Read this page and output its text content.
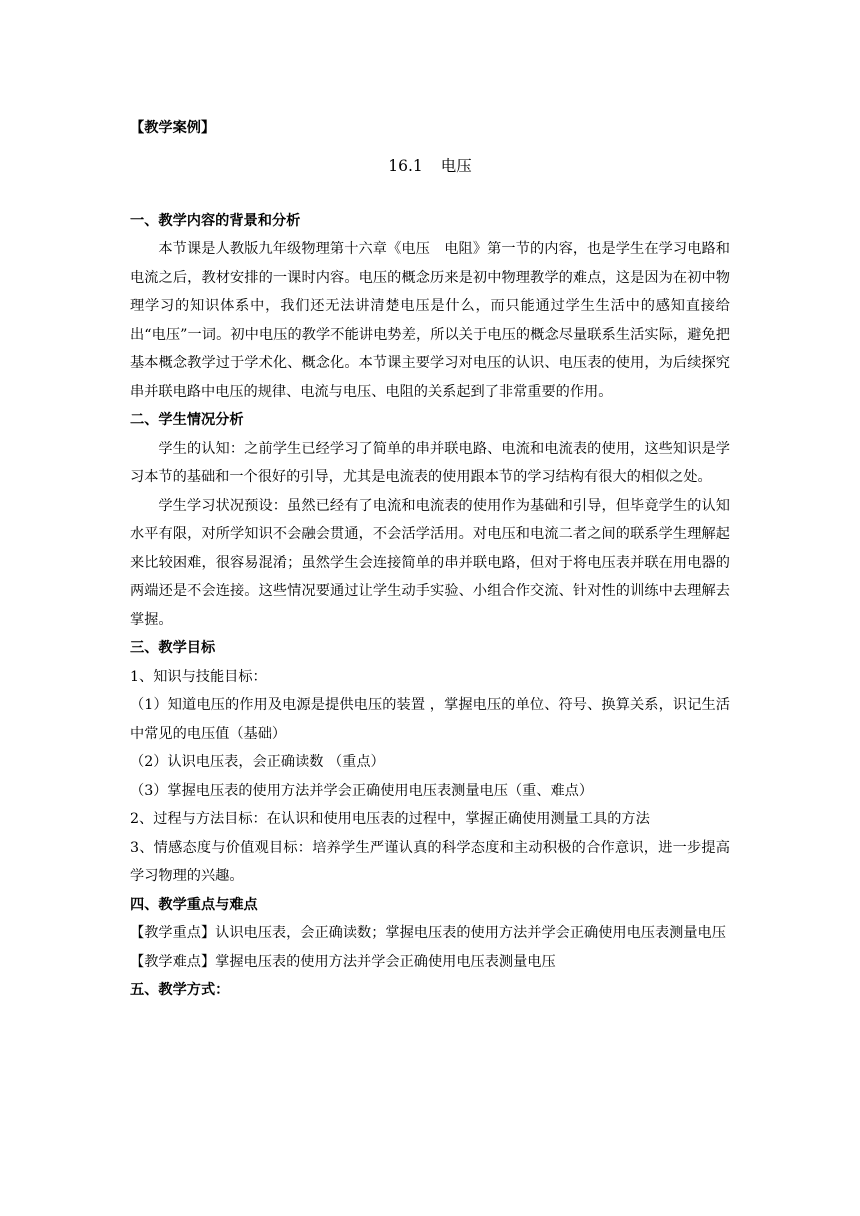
【教学案例】

16.1 电压

一、教学内容的背景和分析

本节课是人教版九年级物理第十六章《电压　电阻》第一节的内容，也是学生在学习电路和电流之后，教材安排的一课时内容。电压的概念历来是初中物理教学的难点，这是因为在初中物理学习的知识体系中，我们还无法讲清楚电压是什么，而只能通过学生生活中的感知直接给出“电压”一词。初中电压的教学不能讲电势差，所以关于电压的概念尽量联系生活实际，避免把基本概念教学过于学术化、概念化。本节课主要学习对电压的认识、电压表的使用，为后续探究串并联电路中电压的规律、电流与电压、电阻的关系起到了非常重要的作用。

二、学生情况分析

学生的认知：之前学生已经学习了简单的串并联电路、电流和电流表的使用，这些知识是学习本节的基础和一个很好的引导，尤其是电流表的使用跟本节的学习结构有很大的相似之处。

学生学习状况预设：虽然已经有了电流和电流表的使用作为基础和引导，但毕竟学生的认知水平有限，对所学知识不会融会贯通，不会活学活用。对电压和电流二者之间的联系学生理解起来比较困难，很容易混淆；虽然学生会连接简单的串并联电路，但对于将电压表并联在用电器的两端还是不会连接。这些情况要通过让学生动手实验、小组合作交流、针对性的训练中去理解去掌握。

三、教学目标

1、知识与技能目标：

（1）知道电压的作用及电源是提供电压的装置 ，掌握电压的单位、符号、换算关系，识记生活中常见的电压值（基础）

（2）认识电压表，会正确读数 （重点）

（3）掌握电压表的使用方法并学会正确使用电压表测量电压（重、难点）

2、过程与方法目标：在认识和使用电压表的过程中，掌握正确使用测量工具的方法

3、情感态度与价值观目标：培养学生严谨认真的科学态度和主动积极的合作意识，进一步提高学习物理的兴趣。

四、教学重点与难点

【教学重点】 认识电压表，会正确读数；掌握电压表的使用方法并学会正确使用电压表测量电压
【教学难点】 掌握电压表的使用方法并学会正确使用电压表测量电压

五、教学方式：
